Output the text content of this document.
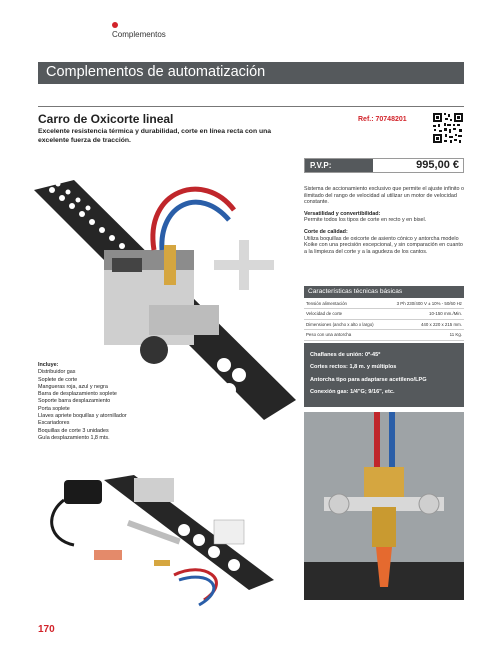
Complementos
Complementos de automatización
Carro de Oxicorte lineal	Ref.: 70748201
Excelente resistencia térmica y durabilidad, corte en línea recta con una excelente fuerza de tracción.
Incluye:
Distribuidor gas
Soplete de corte
Mangueras roja, azul y negra
Barra de desplazamiento soplete
Soporte barra desplazamiento
Porta soplete
Llaves apriete boquillas y atornillador
Escarіadores
Boquillas de corte 3 unidades
Guía desplazamiento 1,8 mts.
P.V.P:	995,00 €
Sistema de accionamiento exclusivo que permite el ajuste infinito o ilimitado del rango de velocidad al utilizar un motor de velocidad constante.
Versatilidad y convertibilidad:
Permite todos los tipos de corte en recto y en bisel.
Corte de calidad:
Utiliza boquillas de oxicorte de asiento cónico y antorcha modelo Koike con una precisión excepcional, y sin comparación en cuanto a la limpieza del corte y a la agudeza de los cantos.
Características técnicas básicas
Tensión alimentación	3 Ph 230/400 V ± 10% - 50/60 Hz
Velocidad de corte	10-150 mm./Min.
Dimensiones (ancho x alto x largo)	440 x 220 x 215 mm.
Peso con una antorcha	11 Kg.
Chaflanes de unión: 0º-45º
Cortes rectos: 1,8 m. y múltiplos
Antorcha tipo para adaptarse acetileno/LPG
Conexión gas: 1/4"G; 9/16", etc.
170
